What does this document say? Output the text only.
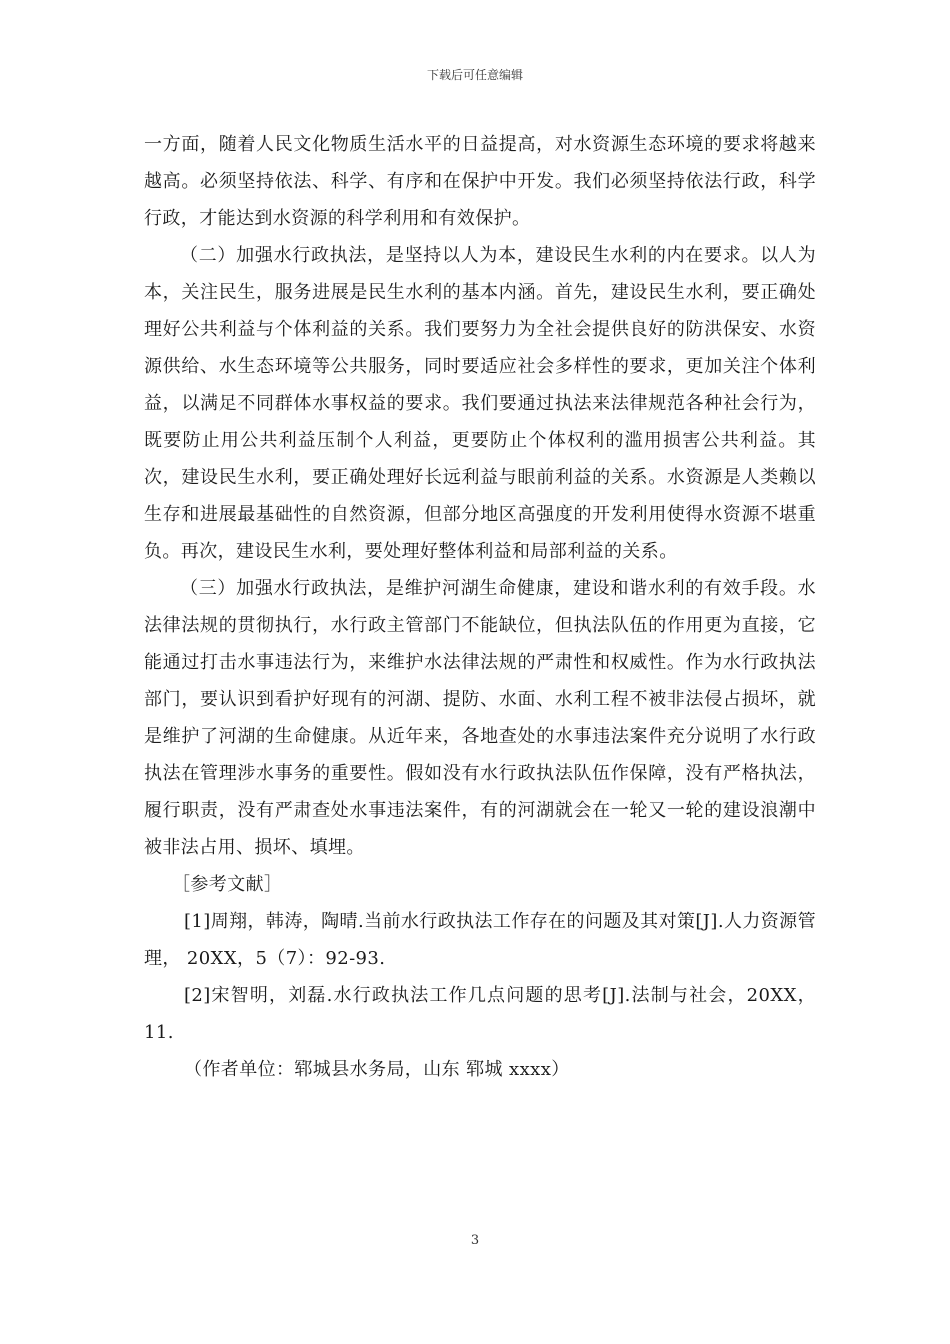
下载后可任意编辑

一方面，随着人民文化物质生活水平的日益提高，对水资源生态环境的要求将越来越高。必须坚持依法、科学、有序和在保护中开发。我们必须坚持依法行政，科学行政，才能达到水资源的科学利用和有效保护。

（二）加强水行政执法，是坚持以人为本，建设民生水利的内在要求。以人为本，关注民生，服务进展是民生水利的基本内涵。首先，建设民生水利，要正确处理好公共利益与个体利益的关系。我们要努力为全社会提供良好的防洪保安、水资源供给、水生态环境等公共服务，同时要适应社会多样性的要求，更加关注个体利益，以满足不同群体水事权益的要求。我们要通过执法来法律规范各种社会行为，既要防止用公共利益压制个人利益，更要防止个体权利的滥用损害公共利益。其次，建设民生水利，要正确处理好长远利益与眼前利益的关系。水资源是人类赖以生存和进展最基础性的自然资源，但部分地区高强度的开发利用使得水资源不堪重负。再次，建设民生水利，要处理好整体利益和局部利益的关系。

（三）加强水行政执法，是维护河湖生命健康，建设和谐水利的有效手段。水法律法规的贯彻执行，水行政主管部门不能缺位，但执法队伍的作用更为直接，它能通过打击水事违法行为，来维护水法律法规的严肃性和权威性。作为水行政执法部门，要认识到看护好现有的河湖、提防、水面、水利工程不被非法侵占损坏，就是维护了河湖的生命健康。从近年来，各地查处的水事违法案件充分说明了水行政执法在管理涉水事务的重要性。假如没有水行政执法队伍作保障，没有严格执法，履行职责，没有严肃查处水事违法案件，有的河湖就会在一轮又一轮的建设浪潮中被非法占用、损坏、填埋。

［参考文献］

[1]周翔，韩涛，陶晴.当前水行政执法工作存在的问题及其对策[J].人力资源管理， 20XX，5（7）：92-93.

[2]宋智明，刘磊.水行政执法工作几点问题的思考[J].法制与社会，20XX，11.

（作者单位：郓城县水务局，山东 郓城 xxxx）

3
